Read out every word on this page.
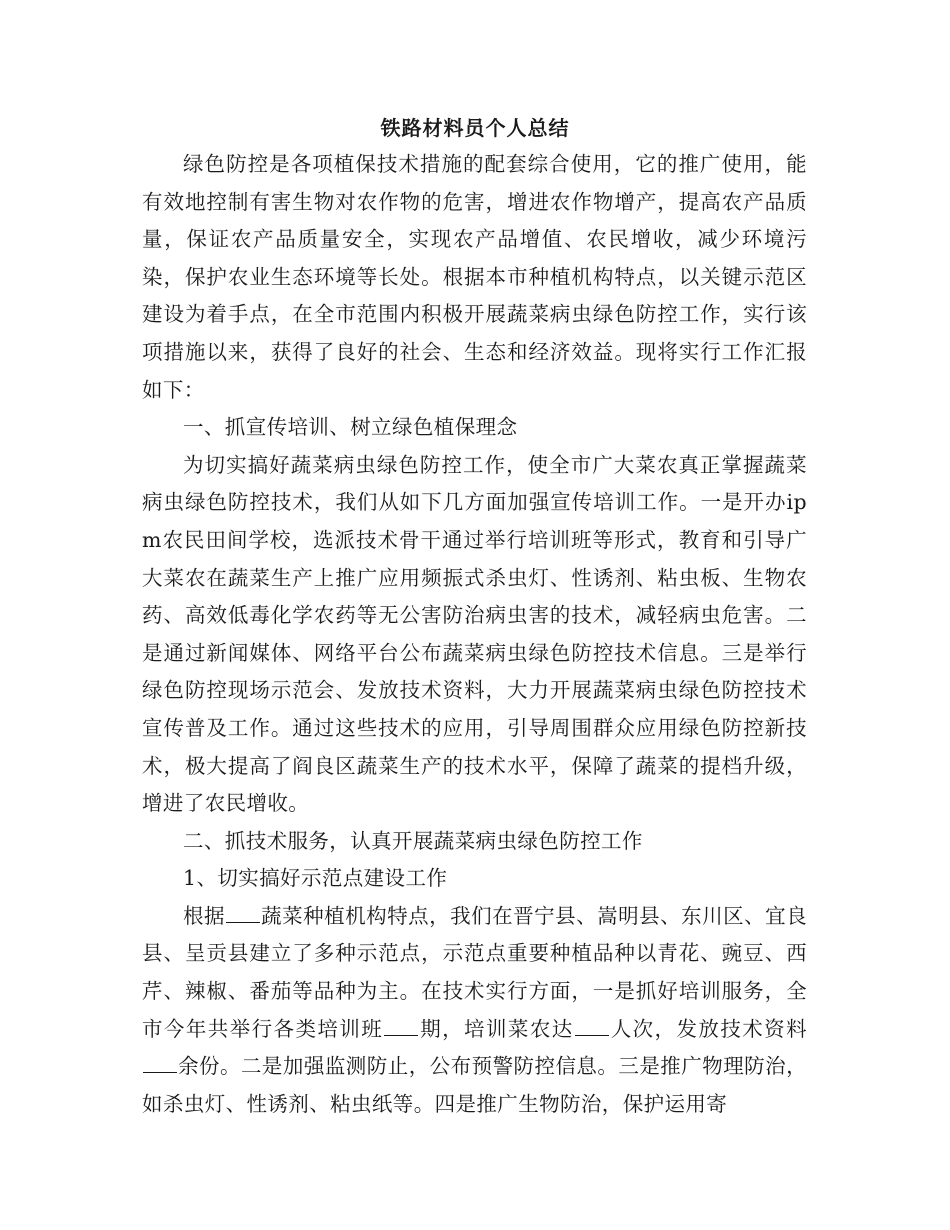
铁路材料员个人总结

绿色防控是各项植保技术措施的配套综合使用，它的推广使用，能有效地控制有害生物对农作物的危害，增进农作物增产，提高农产品质量，保证农产品质量安全，实现农产品增值、农民增收，减少环境污染，保护农业生态环境等长处。根据本市种植机构特点，以关键示范区建设为着手点，在全市范围内积极开展蔬菜病虫绿色防控工作，实行该项措施以来，获得了良好的社会、生态和经济效益。现将实行工作汇报如下：

一、抓宣传培训、树立绿色植保理念

为切实搞好蔬菜病虫绿色防控工作，使全市广大菜农真正掌握蔬菜病虫绿色防控技术，我们从如下几方面加强宣传培训工作。一是开办ipm农民田间学校，选派技术骨干通过举行培训班等形式，教育和引导广大菜农在蔬菜生产上推广应用频振式杀虫灯、性诱剂、粘虫板、生物农药、高效低毒化学农药等无公害防治病虫害的技术，减轻病虫危害。二是通过新闻媒体、网络平台公布蔬菜病虫绿色防控技术信息。三是举行绿色防控现场示范会、发放技术资料，大力开展蔬菜病虫绿色防控技术宣传普及工作。通过这些技术的应用，引导周围群众应用绿色防控新技术，极大提高了阎良区蔬菜生产的技术水平，保障了蔬菜的提档升级，增进了农民增收。

二、抓技术服务，认真开展蔬菜病虫绿色防控工作

1、切实搞好示范点建设工作

根据 蔬菜种植机构特点，我们在晋宁县、嵩明县、东川区、宜良县、呈贡县建立了多种示范点，示范点重要种植品种以青花、豌豆、西芹、辣椒、番茄等品种为主。在技术实行方面，一是抓好培训服务，全市今年共举行各类培训班 期，培训菜农达 人次，发放技术资料余份。二是加强监测防止，公布预警防控信息。三是推广物理防治，如杀虫灯、性诱剂、粘虫纸等。四是推广生物防治，保护运用寄
